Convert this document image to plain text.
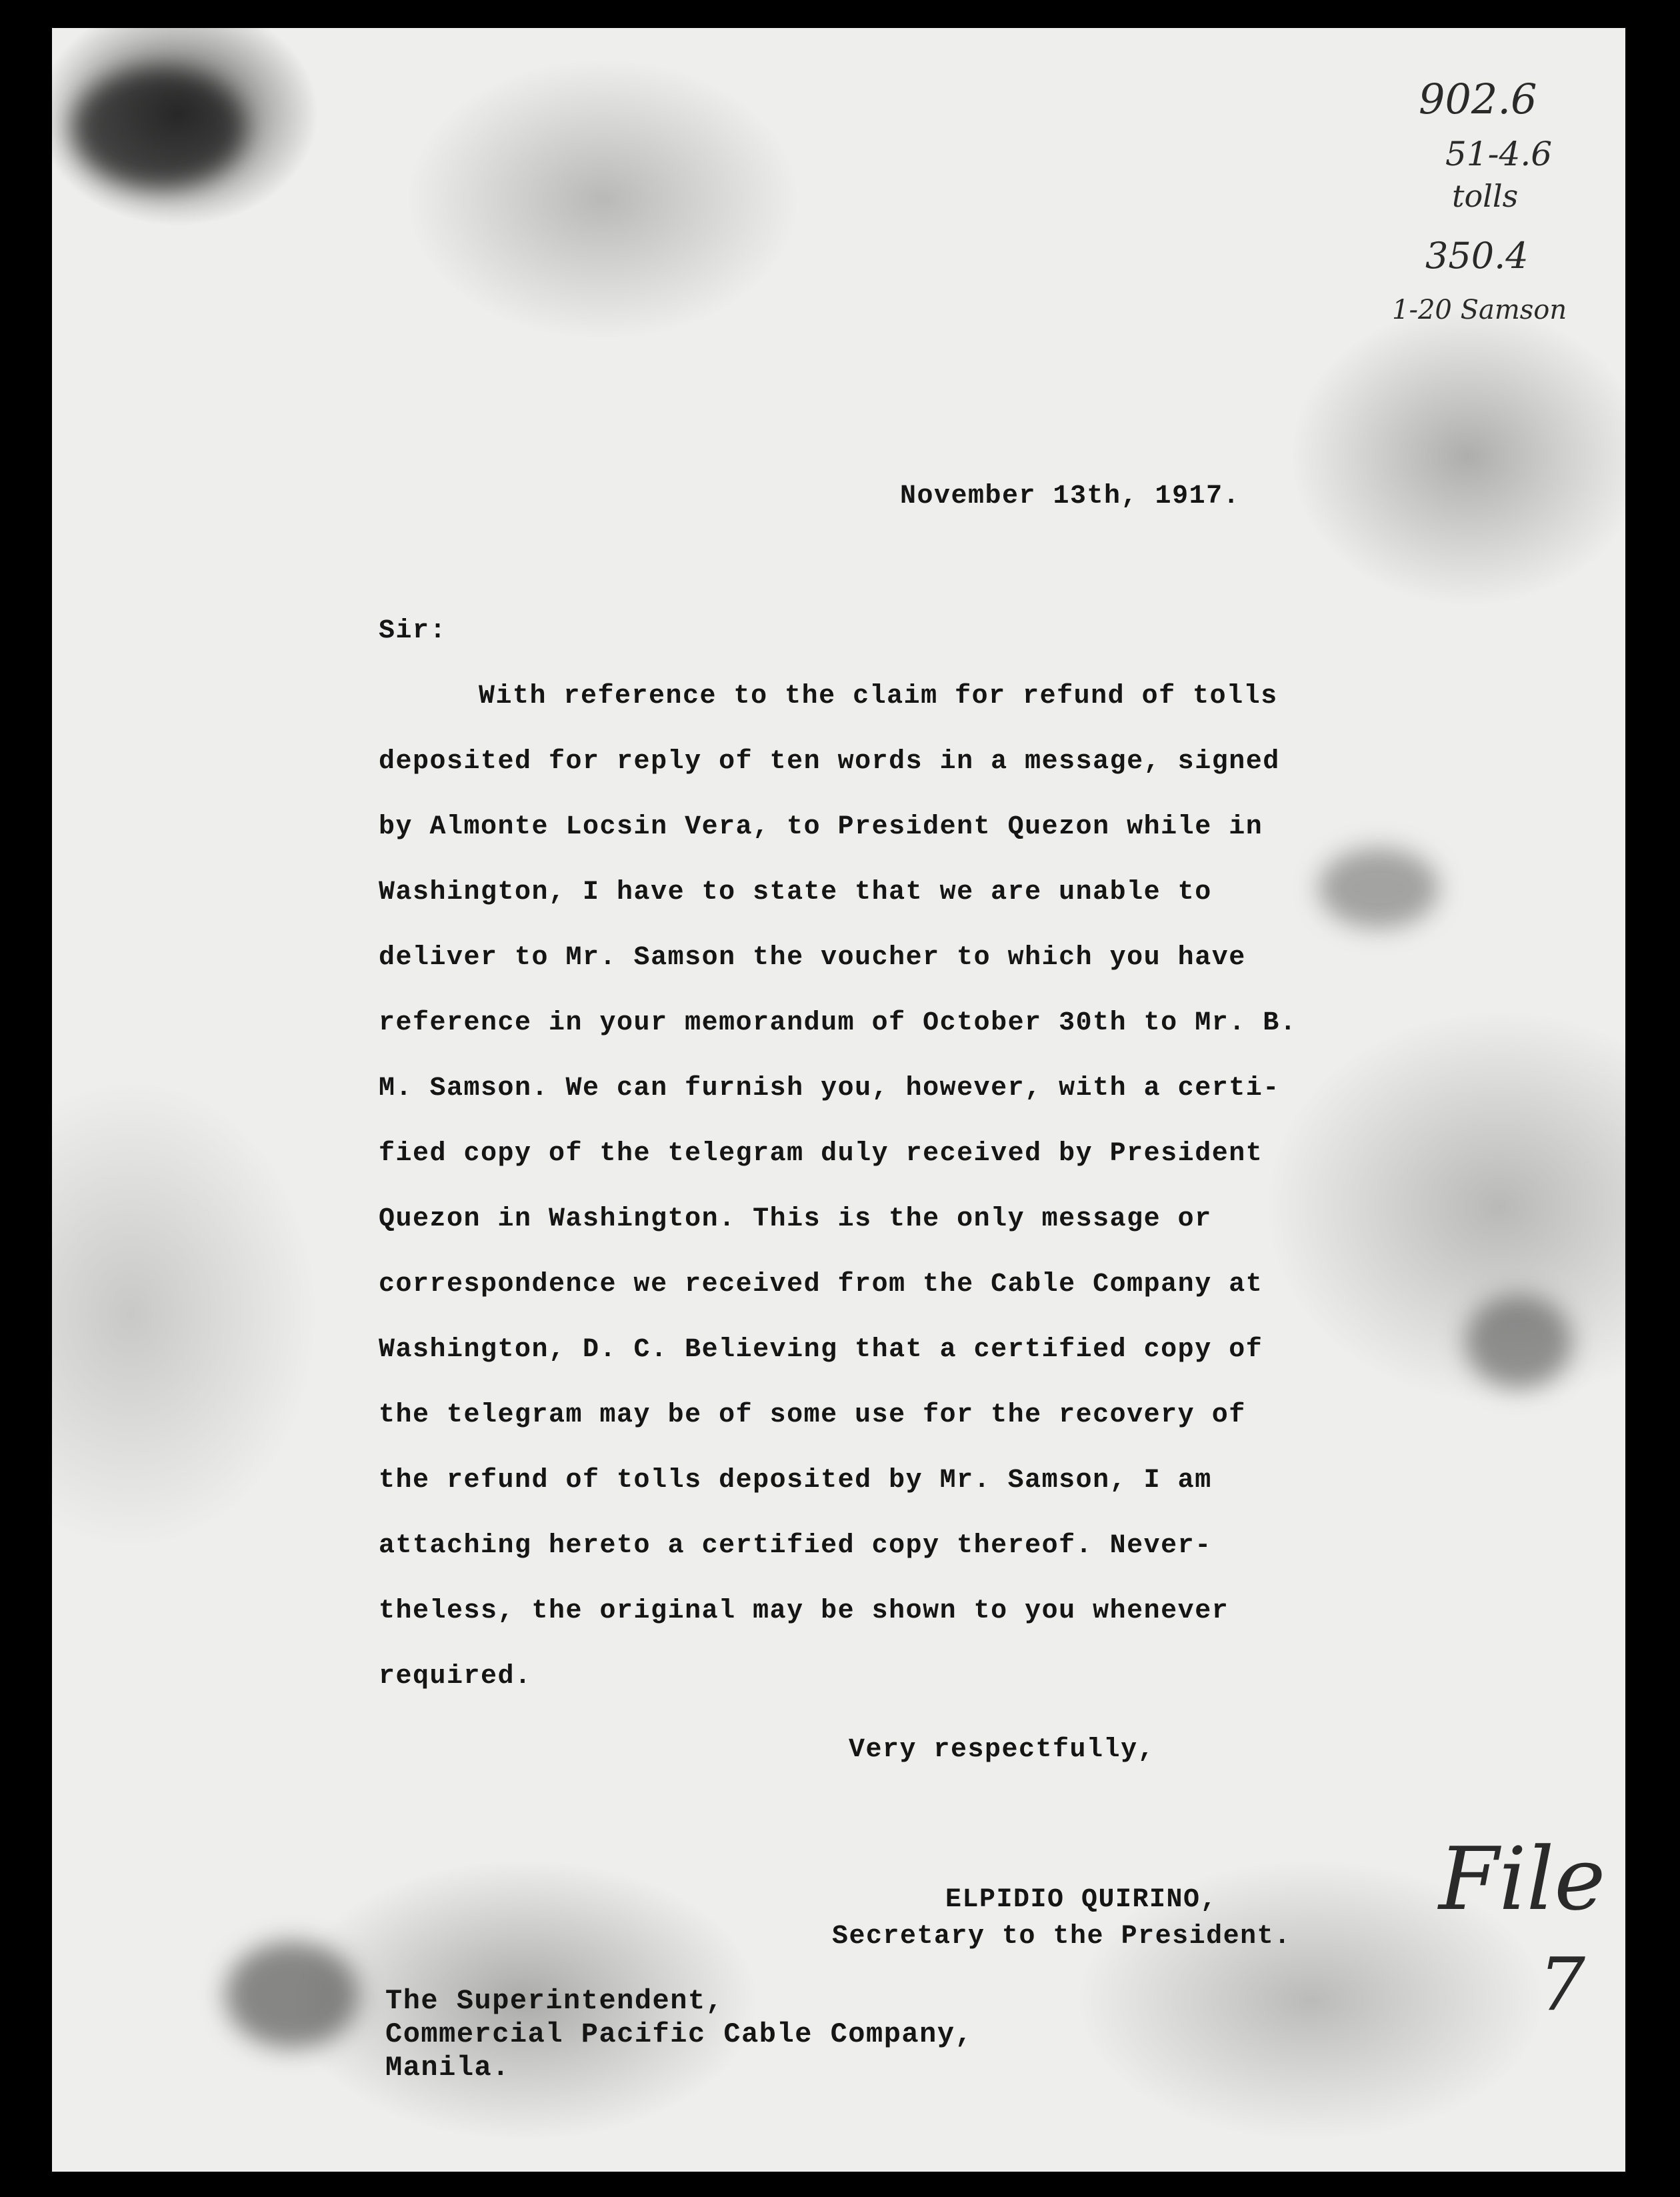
902.6
51-4.6
tolls
350.4
1-20 Samson
November 13th, 1917.
Sir:
With reference to the claim for refund of tolls
deposited for reply of ten words in a message, signed
by Almonte Locsin Vera, to President Quezon while in
Washington, I have to state that we are unable to
deliver to Mr. Samson the voucher to which you have
reference in your memorandum of October 30th to Mr. B.
M. Samson. We can furnish you, however, with a certi-
fied copy of the telegram duly received by President
Quezon in Washington. This is the only message or
correspondence we received from the Cable Company at
Washington, D. C. Believing that a certified copy of
the telegram may be of some use for the recovery of
the refund of tolls deposited by Mr. Samson, I am
attaching hereto a certified copy thereof. Never-
theless, the original may be shown to you whenever
required.
Very respectfully,
ELPIDIO QUIRINO,
Secretary to the President.
File
7
The Superintendent,
Commercial Pacific Cable Company,
Manila.
